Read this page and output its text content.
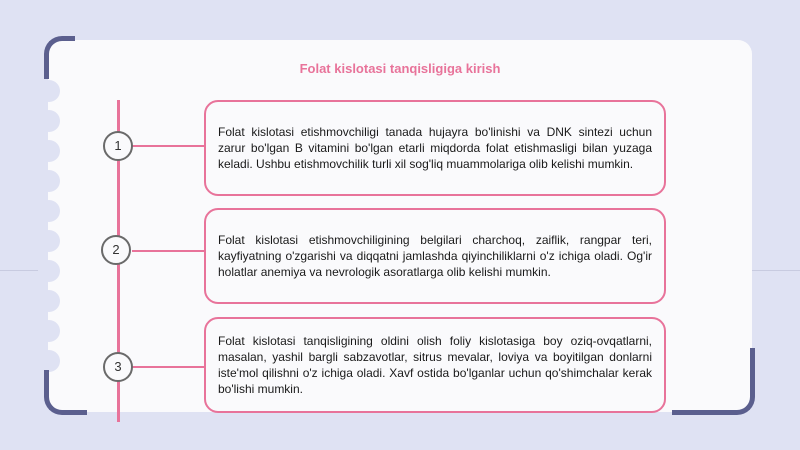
Folat kislotasi tanqisligiga kirish
1

Folat kislotasi etishmovchiligi tanada hujayra bo'linishi va DNK sintezi uchun zarur bo'lgan B vitamini bo'lgan etarli miqdorda folat etishmasligi bilan yuzaga keladi. Ushbu etishmovchilik turli xil sog'liq muammolariga olib kelishi mumkin.

2

Folat kislotasi etishmovchiligining belgilari charchoq, zaiflik, rangpar teri, kayfiyatning o'zgarishi va diqqatni jamlashda qiyinchiliklarni o'z ichiga oladi. Og'ir holatlar anemiya va nevrologik asoratlarga olib kelishi mumkin.

3

Folat kislotasi tanqisligining oldini olish foliy kislotasiga boy oziq-ovqatlarni, masalan, yashil bargli sabzavotlar, sitrus mevalar, loviya va boyitilgan donlarni iste'mol qilishni o'z ichiga oladi. Xavf ostida bo'lganlar uchun qo'shimchalar kerak bo'lishi mumkin.
